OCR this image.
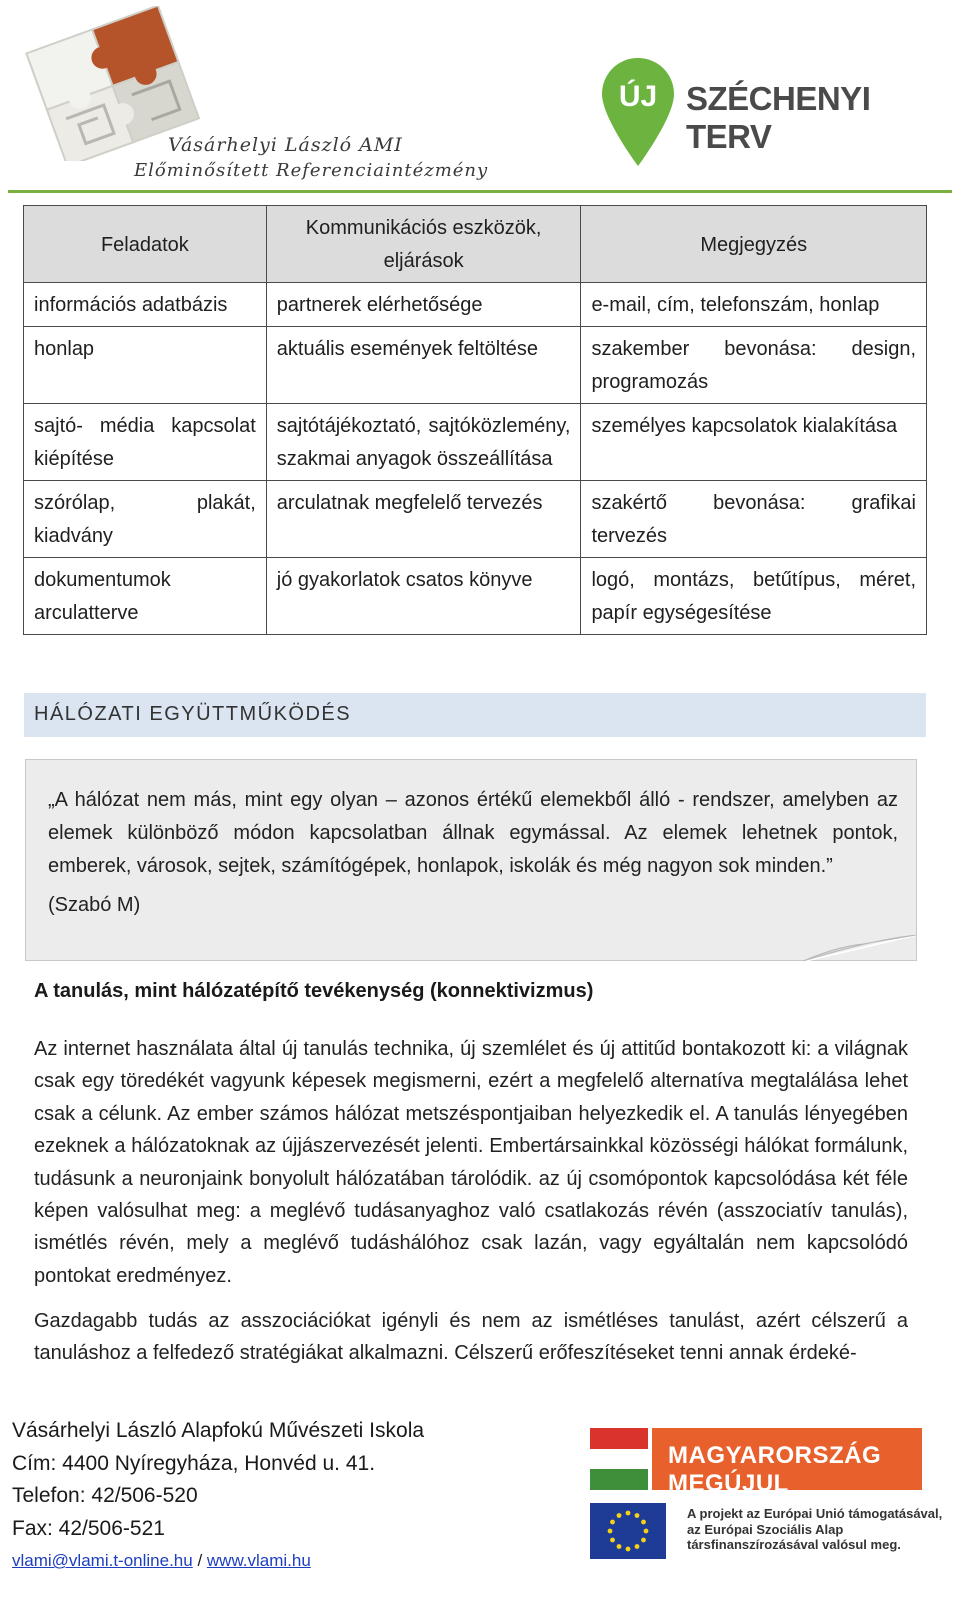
Vásárhelyi László AMI
Előminősített Referenciaintézmény
ÚJ SZÉCHENYI TERV
Feladatok	Kommunikációs eszközök, eljárások	Megjegyzés
információs adatbázis	partnerek elérhetősége	e-mail, cím, telefonszám, honlap
honlap	aktuális események feltöltése	szakember bevonása: design, programozás
sajtó- média kapcsolat kiépítése	sajtótájékoztató, sajtóközlemény, szakmai anyagok összeállítása	személyes kapcsolatok kialakítása
szórólap, plakát, kiadvány	arculatnak megfelelő tervezés	szakértő bevonása: grafikai tervezés
dokumentumok arculatterve	jó gyakorlatok csatos könyve	logó, montázs, betűtípus, méret, papír egységesítése
HÁLÓZATI EGYÜTTMŰKÖDÉS
„A hálózat nem más, mint egy olyan – azonos értékű elemekből álló - rendszer, amelyben az elemek különböző módon kapcsolatban állnak egymással. Az elemek lehetnek pontok, emberek, városok, sejtek, számítógépek, honlapok, iskolák és még nagyon sok minden.”
(Szabó M)
A tanulás, mint hálózatépítő tevékenység (konnektivizmus)

Az internet használata által új tanulás technika, új szemlélet és új attitűd bontakozott ki: a világnak csak egy töredékét vagyunk képesek megismerni, ezért a megfelelő alternatíva megtalálása lehet csak a célunk. Az ember számos hálózat metszéspontjaiban helyezkedik el. A tanulás lényegében ezeknek a hálózatoknak az újjászervezését jelenti. Embertársainkkal közösségi hálókat formálunk, tudásunk a neuronjaink bonyolult hálózatában tárolódik. az új csomópontok kapcsolódása két féle képen valósulhat meg: a meglévő tudásanyaghoz való csatlakozás révén (asszociatív tanulás), ismétlés révén, mely a meglévő tudáshálóhoz csak lazán, vagy egyáltalán nem kapcsolódó pontokat eredményez.

Gazdagabb tudás az asszociációkat igényli és nem az ismétléses tanulást, azért célszerű a tanuláshoz a felfedező stratégiákat alkalmazni. Célszerű erőfeszítéseket tenni annak érdeké-

Vásárhelyi László Alapfokú Művészeti Iskola
Cím: 4400 Nyíregyháza, Honvéd u. 41.
Telefon: 42/506-520
Fax: 42/506-521
vlami@vlami.t-online.hu / www.vlami.hu
MAGYARORSZÁG MEGÚJUL
A projekt az Európai Unió támogatásával, az Európai Szociális Alap társfinanszírozásával valósul meg.
